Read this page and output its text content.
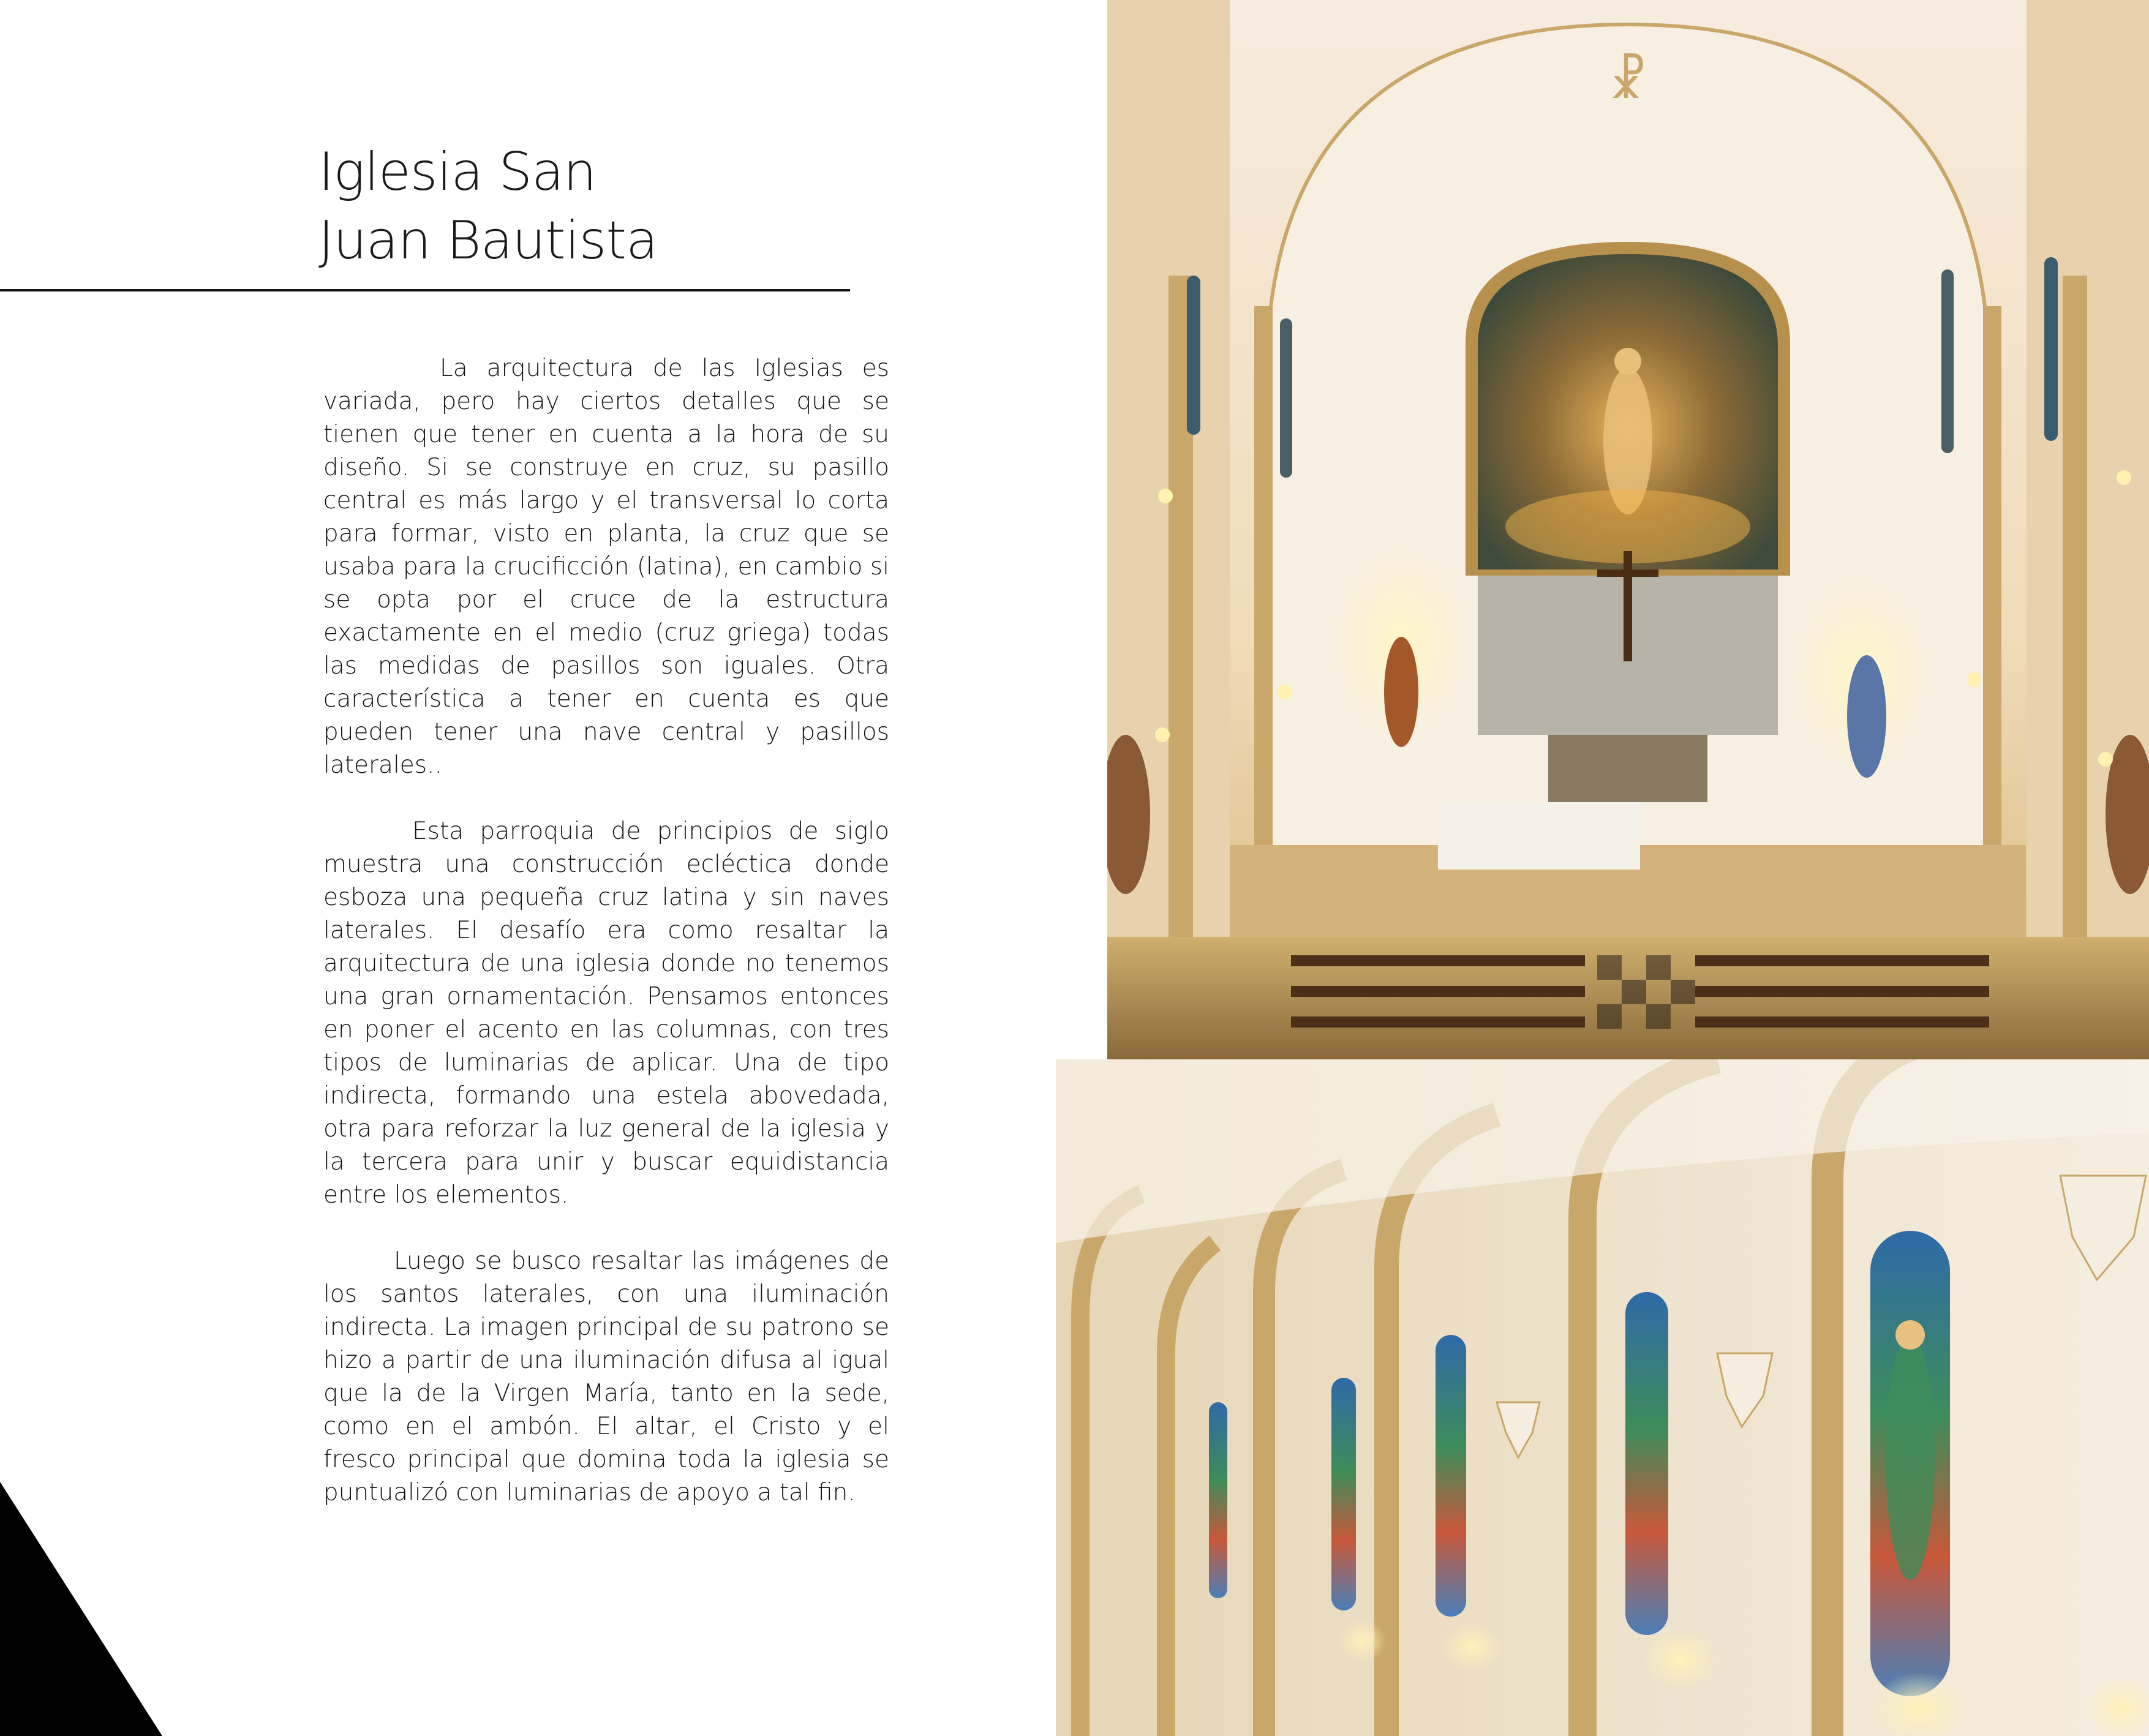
Iglesia San
Juan Bautista

La arquitectura de las Iglesias es variada, pero hay ciertos detalles que se tienen que tener en cuenta a la hora de su diseño. Si se construye en cruz, su pasillo central es más largo y el transversal lo corta para formar, visto en planta, la cruz que se usaba para la crucificción (latina), en cambio si se opta por el cruce de la estructura exactamente en el medio (cruz griega) todas las medidas de pasillos son iguales. Otra característica a tener en cuenta es que pueden tener una nave central y pasillos laterales..

Esta parroquia de principios de siglo muestra una construcción ecléctica donde esboza una pequeña cruz latina y sin naves laterales. El desafío era como resaltar la arquitectura de una iglesia donde no tenemos una gran ornamentación. Pensamos entonces en poner el acento en las columnas, con tres tipos de luminarias de aplicar. Una de tipo indirecta, formando una estela abovedada, otra para reforzar la luz general de la iglesia y la tercera para unir y buscar equidistancia entre los elementos.

Luego se busco resaltar las imágenes de los santos laterales, con una iluminación indirecta. La imagen principal de su patrono se hizo a partir de una iluminación difusa al igual que la de la Virgen María, tanto en la sede, como en el ambón. El altar, el Cristo y el fresco principal que domina toda la iglesia se puntualizó con luminarias de apoyo a tal fin.

☧
